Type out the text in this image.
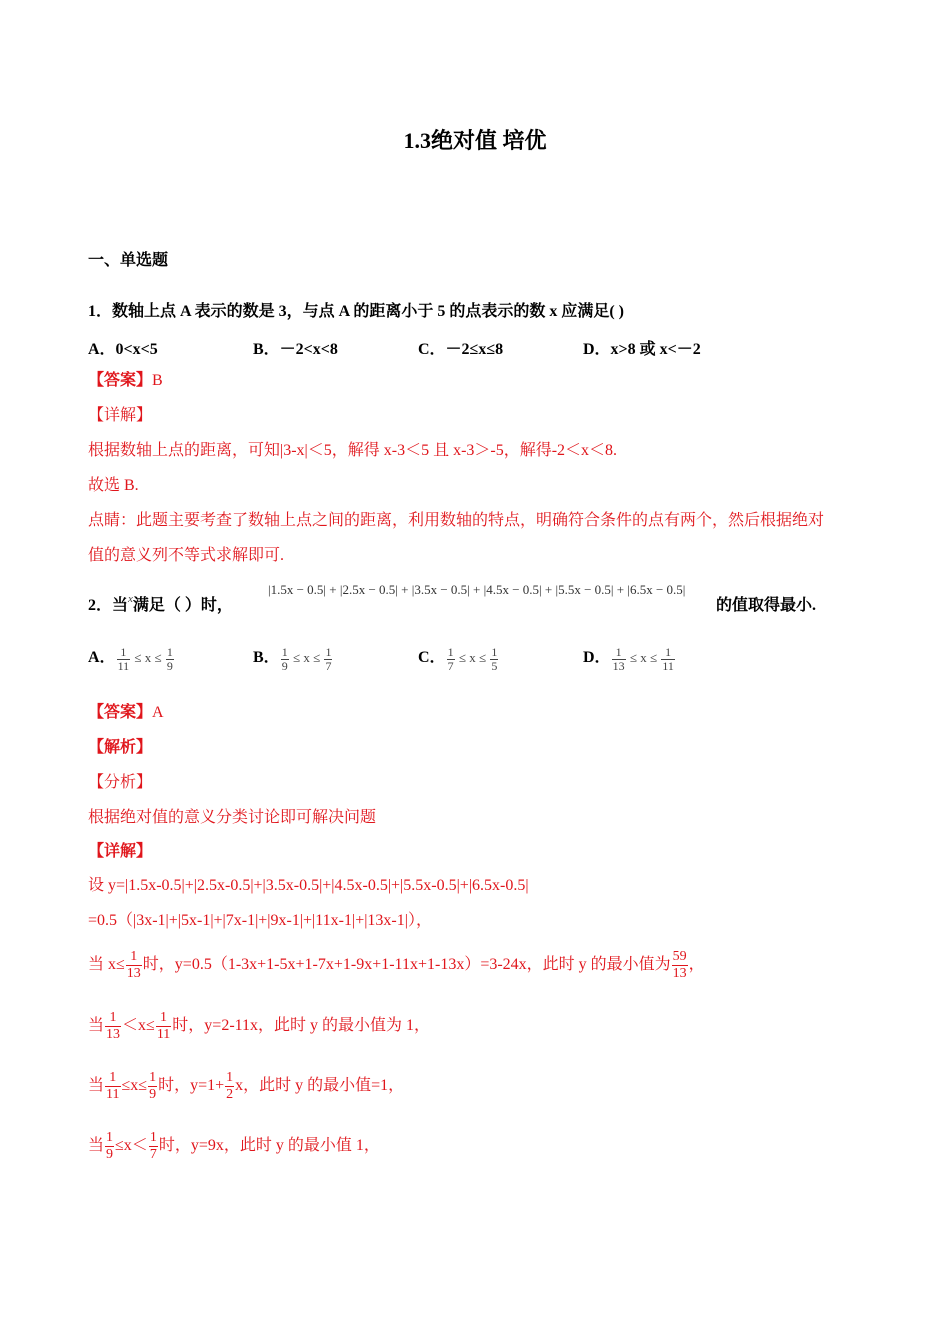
1.3绝对值 培优
一、单选题
1．数轴上点 A 表示的数是 3，与点 A 的距离小于 5 的点表示的数 x 应满足( )
A．0<x<5	B．－2<x<8	C．－2≤x≤8	D．x>8 或 x<－2
【答案】B
【详解】
根据数轴上点的距离，可知|3-x|＜5，解得 x-3＜5 且 x-3＞-5，解得-2＜x＜8.
故选 B.
点睛：此题主要考查了数轴上点之间的距离，利用数轴的特点，明确符合条件的点有两个，然后根据绝对
值的意义列不等式求解即可.
2．当$^x$满足（ ）时，
|1.5x − 0.5| + |2.5x − 0.5| + |3.5x − 0.5| + |4.5x − 0.5| + |5.5x − 0.5| + |6.5x − 0.5|
的值取得最小.
A． $\frac{1}{11} \le x \le \frac{1}{9}$	B． $\frac{1}{9} \le x \le \frac{1}{7}$	C． $\frac{1}{7} \le x \le \frac{1}{5}$	D． $\frac{1}{13} \le x \le \frac{1}{11}$
【答案】A
【解析】
【分析】
根据绝对值的意义分类讨论即可解决问题
【详解】
设 y=|1.5x-0.5|+|2.5x-0.5|+|3.5x-0.5|+|4.5x-0.5|+|5.5x-0.5|+|6.5x-0.5|
=0.5（|3x-1|+|5x-1|+|7x-1|+|9x-1|+|11x-1|+|13x-1|），
当 $x\le \frac{1}{13}$ 时，y=0.5（1-3x+1-5x+1-7x+1-9x+1-11x+1-13x）=3-24x，此时 y 的最小值为 $\frac{59}{13}$ ，
当 $\frac{1}{13} <x\le \frac{1}{11}$ 时，y=2-11x，此时 y 的最小值为 1，
当 $\frac{1}{11} \le x\le \frac{1}{9}$ 时，$y=1+ \frac{1}{2}$ x，此时 y 的最小值=1，
当 $\frac{1}{9} \le x< \frac{1}{7}$ 时，y=9x，此时 y 的最小值 1，
